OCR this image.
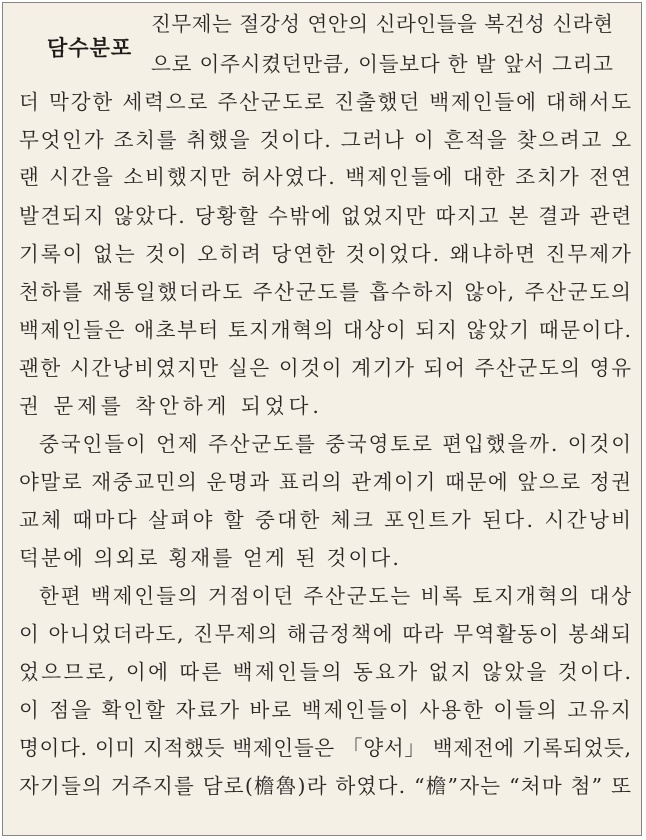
담수분포
진무제는 절강성 연안의 신라인들을 복건성 신라현
으로 이주시켰던만큼, 이들보다 한 발 앞서 그리고
더 막강한 세력으로 주산군도로 진출했던 백제인들에 대해서도
무엇인가 조치를 취했을 것이다. 그러나 이 흔적을 찾으려고 오
랜 시간을 소비했지만 허사였다. 백제인들에 대한 조치가 전연
발견되지 않았다. 당황할 수밖에 없었지만 따지고 본 결과 관련
기록이 없는 것이 오히려 당연한 것이었다. 왜냐하면 진무제가
천하를 재통일했더라도 주산군도를 흡수하지 않아, 주산군도의
백제인들은 애초부터 토지개혁의 대상이 되지 않았기 때문이다.
괜한 시간낭비였지만 실은 이것이 계기가 되어 주산군도의 영유
권 문제를 착안하게 되었다.
중국인들이 언제 주산군도를 중국영토로 편입했을까. 이것이
야말로 재중교민의 운명과 표리의 관계이기 때문에 앞으로 정권
교체 때마다 살펴야 할 중대한 체크 포인트가 된다. 시간낭비
덕분에 의외로 횡재를 얻게 된 것이다.
한편 백제인들의 거점이던 주산군도는 비록 토지개혁의 대상
이 아니었더라도, 진무제의 해금정책에 따라 무역활동이 봉쇄되
었으므로, 이에 따른 백제인들의 동요가 없지 않았을 것이다.
이 점을 확인할 자료가 바로 백제인들이 사용한 이들의 고유지
명이다. 이미 지적했듯 백제인들은 「양서」 백제전에 기록되었듯,
자기들의 거주지를 담로(檐魯)라 하였다. “檐”자는 “처마 첨” 또
